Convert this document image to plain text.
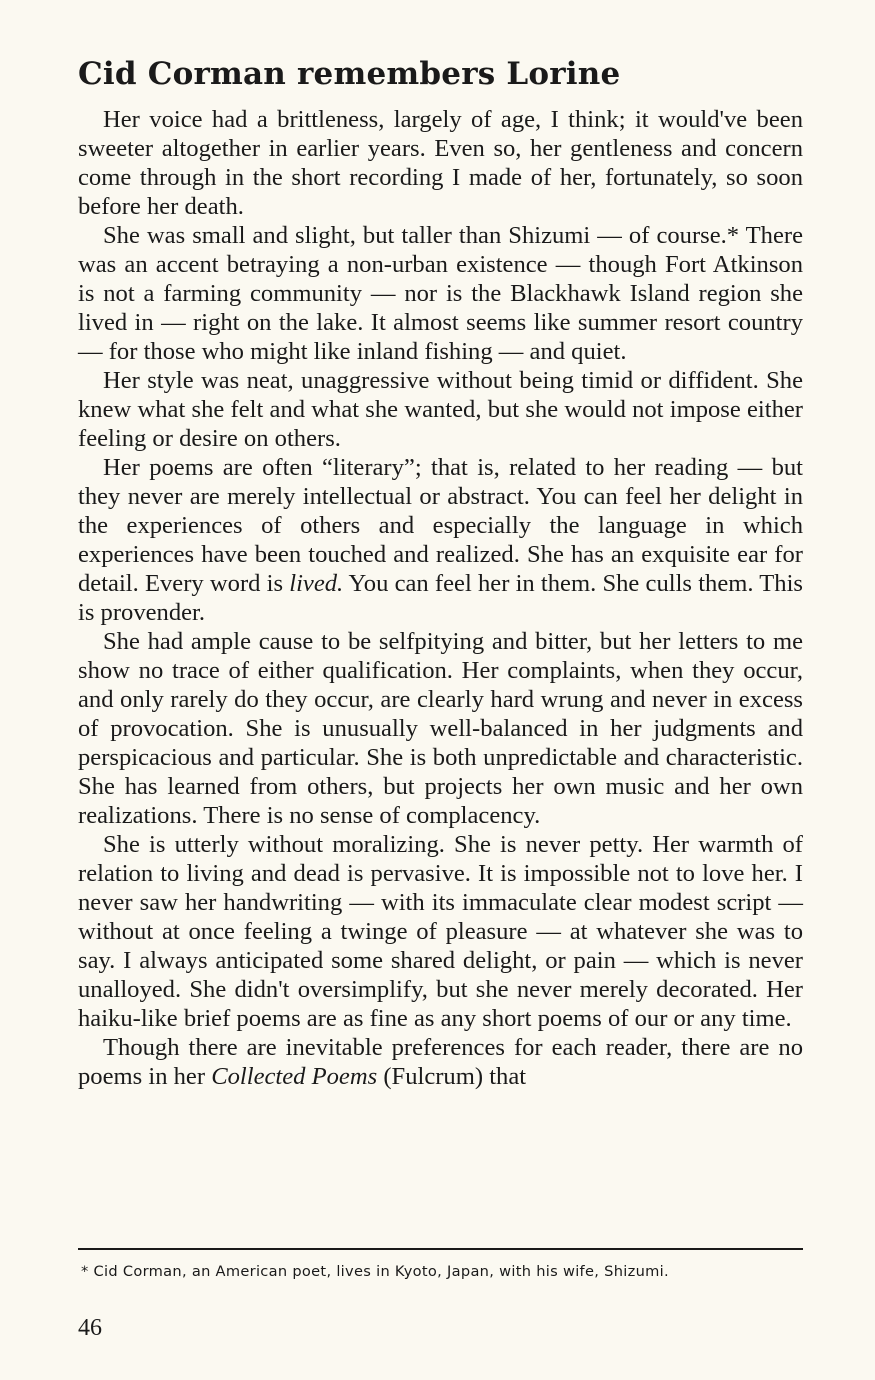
Cid Corman remembers Lorine

Her voice had a brittleness, largely of age, I think; it would've been sweeter altogether in earlier years. Even so, her gentleness and concern come through in the short recording I made of her, fortunately, so soon before her death.

She was small and slight, but taller than Shizumi — of course.* There was an accent betraying a non-urban existence — though Fort Atkinson is not a farming community — nor is the Blackhawk Island region she lived in — right on the lake. It almost seems like summer resort country — for those who might like inland fishing — and quiet.

Her style was neat, unaggressive without being timid or diffident. She knew what she felt and what she wanted, but she would not impose either feeling or desire on others.

Her poems are often “literary”; that is, related to her reading — but they never are merely intellectual or abstract. You can feel her delight in the experiences of others and especially the language in which experiences have been touched and realized. She has an exquisite ear for detail. Every word is lived. You can feel her in them. She culls them. This is provender.

She had ample cause to be selfpitying and bitter, but her letters to me show no trace of either qualification. Her complaints, when they occur, and only rarely do they occur, are clearly hard wrung and never in excess of provocation. She is unusually well-balanced in her judgments and perspicacious and particular. She is both unpredictable and characteristic. She has learned from others, but projects her own music and her own realizations. There is no sense of complacency.

She is utterly without moralizing. She is never petty. Her warmth of relation to living and dead is pervasive. It is impossible not to love her. I never saw her handwriting — with its immaculate clear modest script — without at once feeling a twinge of pleasure — at whatever she was to say. I always anticipated some shared delight, or pain — which is never unalloyed. She didn't oversimplify, but she never merely decorated. Her haiku-like brief poems are as fine as any short poems of our or any time.

Though there are inevitable preferences for each reader, there are no poems in her Collected Poems (Fulcrum) that

* Cid Corman, an American poet, lives in Kyoto, Japan, with his wife, Shizumi.

46
